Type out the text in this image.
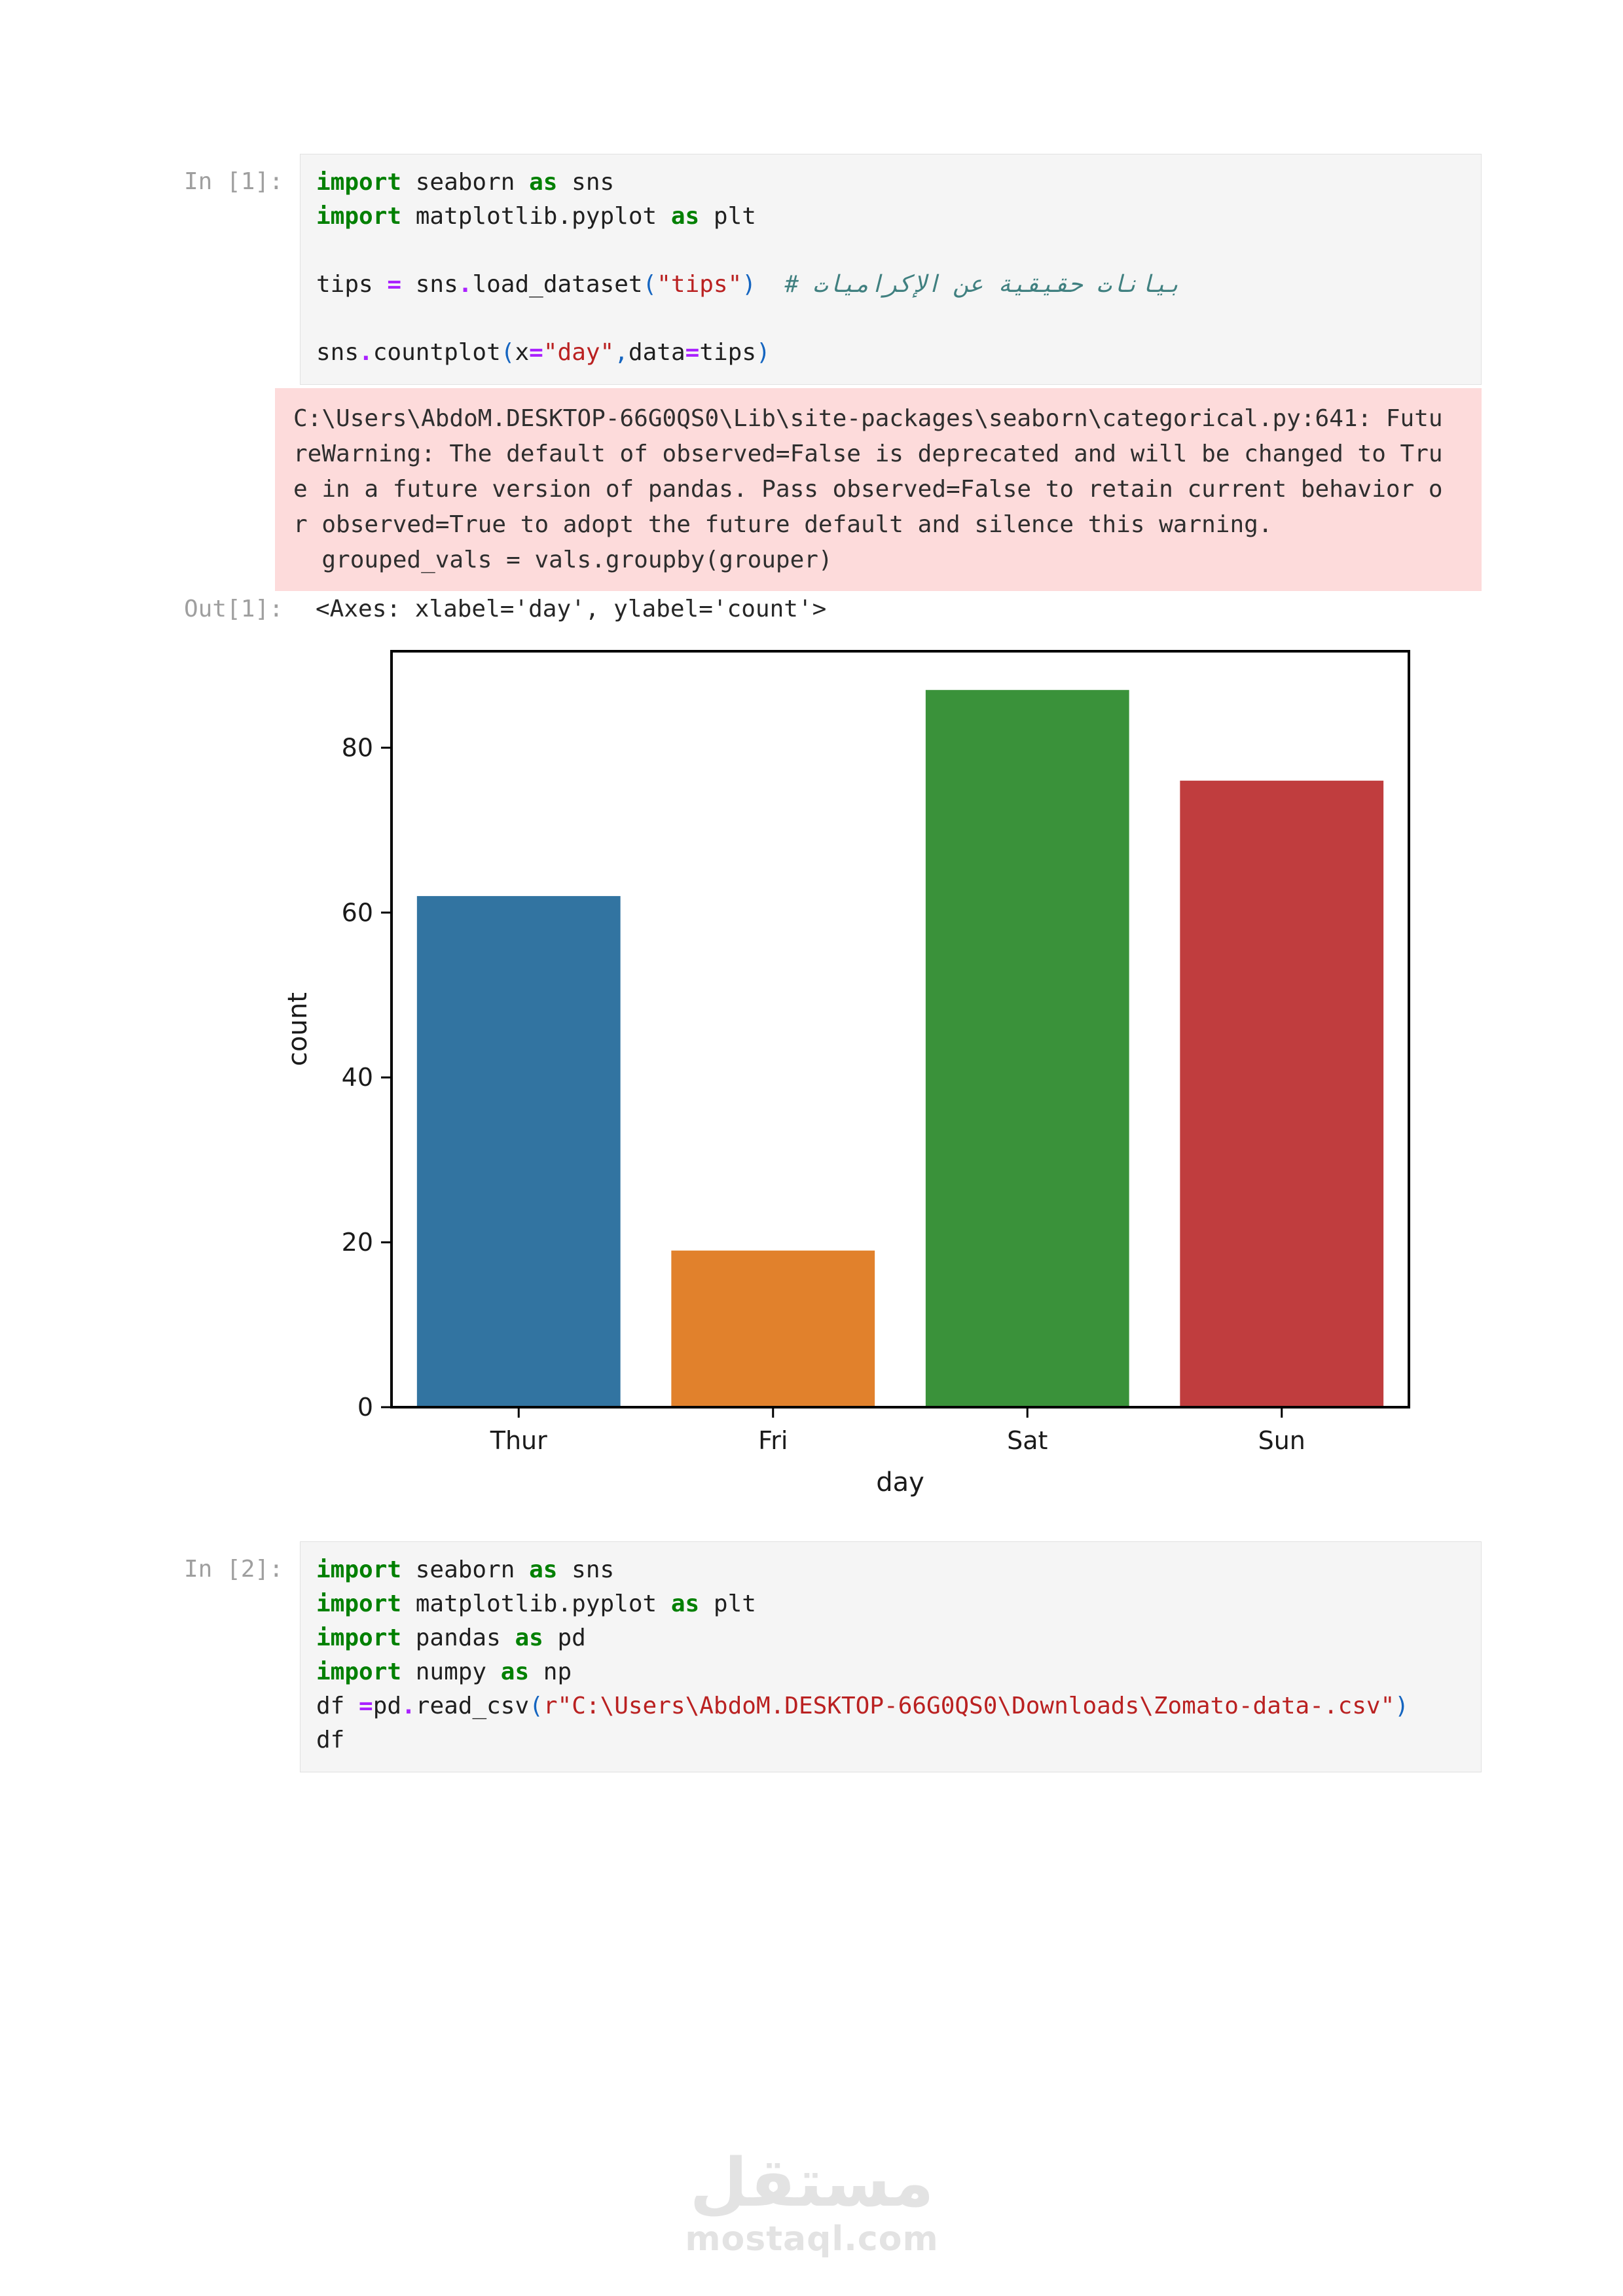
In [1]: import seaborn as sns
import matplotlib.pyplot as plt

tips = sns.load_dataset("tips") # بيانات حقيقية عن الإكراميات

sns.countplot(x="day",data=tips)
C:\Users\AbdoM.DESKTOP-66G0QS0\Lib\site-packages\seaborn\categorical.py:641: Futu
reWarning: The default of observed=False is deprecated and will be changed to Tru
e in a future version of pandas. Pass observed=False to retain current behavior o
r observed=True to adopt the future default and silence this warning.
grouped_vals = vals.groupby(grouper)
Out[1]: <Axes: xlabel='day', ylabel='count'>
0
20
40
60
80
Thur	Fri	Sat	Sun
day
count
In [2]: import seaborn as sns
import matplotlib.pyplot as plt
import pandas as pd
import numpy as np
df =pd.read_csv(r"C:\Users\AbdoM.DESKTOP-66G0QS0\Downloads\Zomato-data-.csv")
df
مستقل
mostaql.com
